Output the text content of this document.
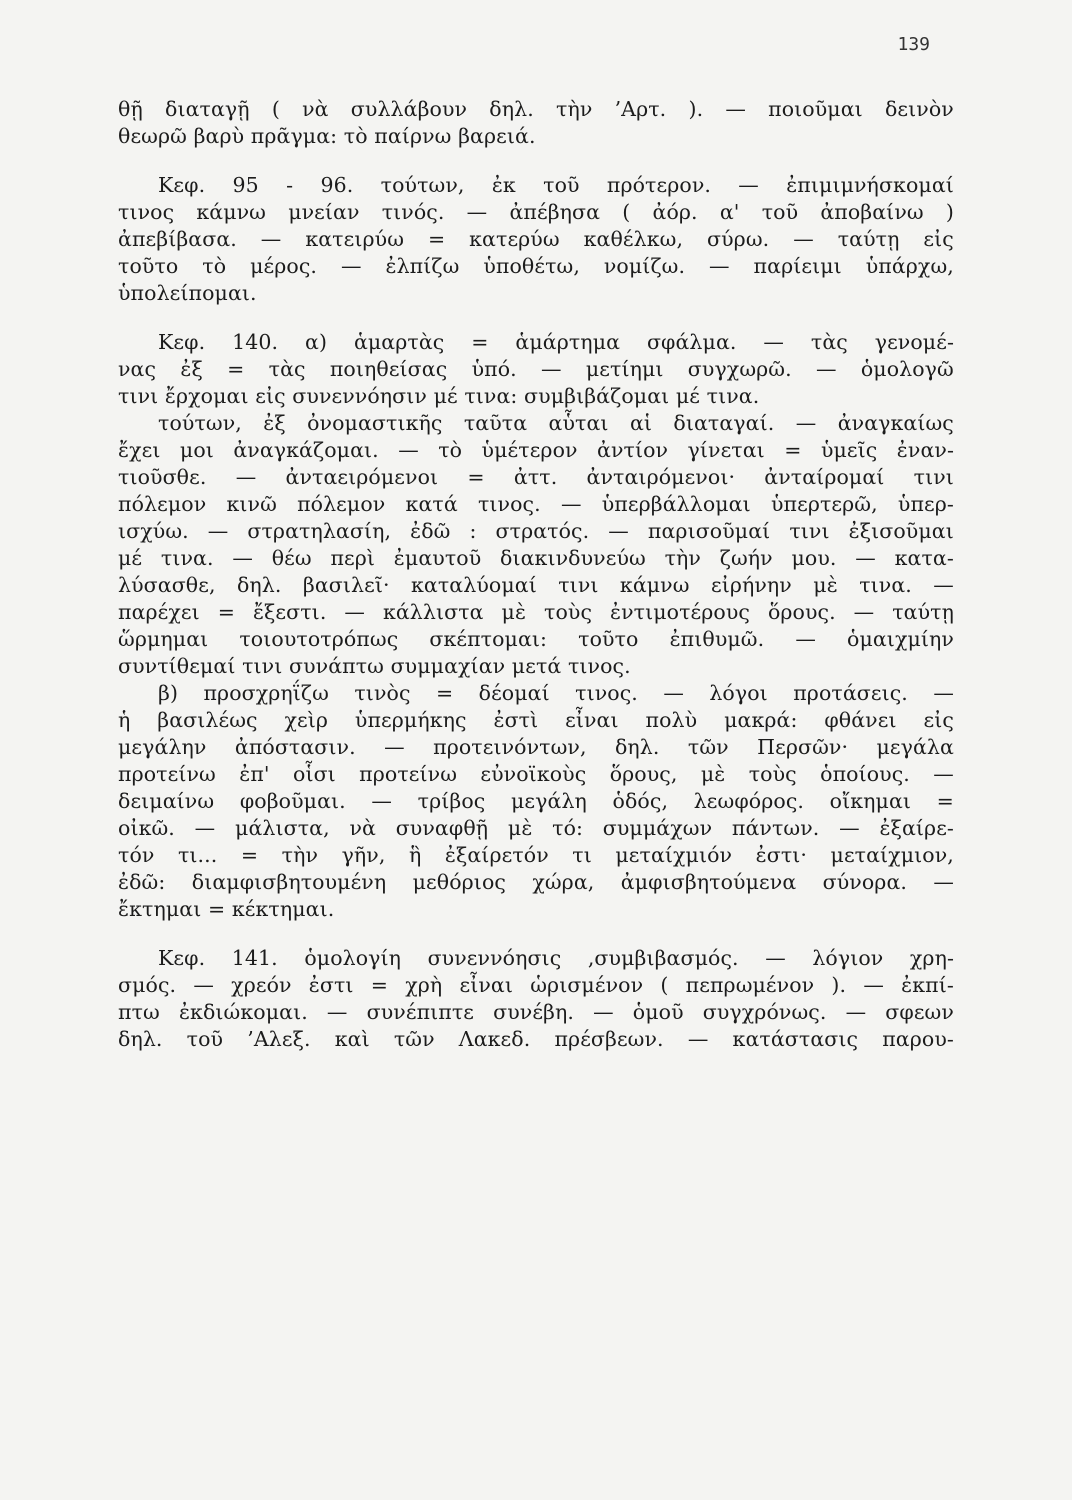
139
θῇ διαταγῇ ( νὰ συλλάβουν δηλ. τὴν ’Αρτ. ). — ποιοῦμαι δεινὸν
θεωρῶ βαρὺ πρᾶγμα: τὸ παίρνω βαρειά.
Κεφ. 95 - 96. τούτων, ἐκ τοῦ πρότερον. — ἐπιμιμνήσκομαί
τινος κάμνω μνείαν τινός. — ἀπέβησα ( ἀόρ. α' τοῦ ἀποβαίνω )
ἀπεβίβασα. — κατειρύω = κατερύω καθέλκω, σύρω. — ταύτῃ εἰς
τοῦτο τὸ μέρος. — ἐλπίζω ὑποθέτω, νομίζω. — παρίειμι ὑπάρχω,
ὑπολείπομαι.
Κεφ. 140. α) ἁμαρτὰς = ἁμάρτημα σφάλμα. — τὰς γενομέ-
νας ἐξ = τὰς ποιηθείσας ὑπό. — μετίημι συγχωρῶ. — ὁμολογῶ
τινι ἔρχομαι εἰς συνεννόησιν μέ τινα: συμβιβάζομαι μέ τινα.
τούτων, ἐξ ὀνομαστικῆς ταῦτα αὗται αἱ διαταγαί. — ἀναγκαίως
ἔχει μοι ἀναγκάζομαι. — τὸ ὑμέτερον ἀντίον γίνεται = ὑμεῖς ἐναν-
τιοῦσθε. — ἀνταειρόμενοι = ἀττ. ἀνταιρόμενοι· ἀνταίρομαί τινι
πόλεμον κινῶ πόλεμον κατά τινος. — ὑπερβάλλομαι ὑπερτερῶ, ὑπερ-
ισχύω. — στρατηλασίη, ἐδῶ : στρατός. — παρισοῦμαί τινι ἐξισοῦμαι
μέ τινα. — θέω περὶ ἐμαυτοῦ διακινδυνεύω τὴν ζωήν μου. — κατα-
λύσασθε, δηλ. βασιλεῖ· καταλύομαί τινι κάμνω εἰρήνην μὲ τινα. —
παρέχει = ἔξεστι. — κάλλιστα μὲ τοὺς ἐντιμοτέρους ὅρους. — ταύτῃ
ὥρμημαι τοιουτοτρόπως σκέπτομαι: τοῦτο ἐπιθυμῶ. — ὁμαιχμίην
συντίθεμαί τινι συνάπτω συμμαχίαν μετά τινος.
β) προσχρηΐζω τινὸς = δέομαί τινος. — λόγοι προτάσεις. —
ἡ βασιλέως χεὶρ ὑπερμήκης ἐστὶ εἶναι πολὺ μακρά: φθάνει εἰς
μεγάλην ἀπόστασιν. — προτεινόντων, δηλ. τῶν Περσῶν· μεγάλα
προτείνω ἐπ' οἷσι προτείνω εὐνοϊκοὺς ὅρους, μὲ τοὺς ὁποίους. —
δειμαίνω φοβοῦμαι. — τρίβος μεγάλη ὁδός, λεωφόρος. οἴκημαι =
οἰκῶ. — μάλιστα, νὰ συναφθῇ μὲ τό: συμμάχων πάντων. — ἐξαίρε-
τόν τι... = τὴν γῆν, ἣ ἐξαίρετόν τι μεταίχμιόν ἐστι· μεταίχμιον,
ἐδῶ: διαμφισβητουμένη μεθόριος χώρα, ἀμφισβητούμενα σύνορα. —
ἔκτημαι = κέκτημαι.
Κεφ. 141. ὁμολογίη συνεννόησις ,συμβιβασμός. — λόγιον χρη-
σμός. — χρεόν ἐστι = χρὴ εἶναι ὡρισμένον ( πεπρωμένον ). — ἐκπί-
πτω ἐκδιώκομαι. — συνέπιπτε συνέβη. — ὁμοῦ συγχρόνως. — σφεων
δηλ. τοῦ ’Αλεξ. καὶ τῶν Λακεδ. πρέσβεων. — κατάστασις παρου-
